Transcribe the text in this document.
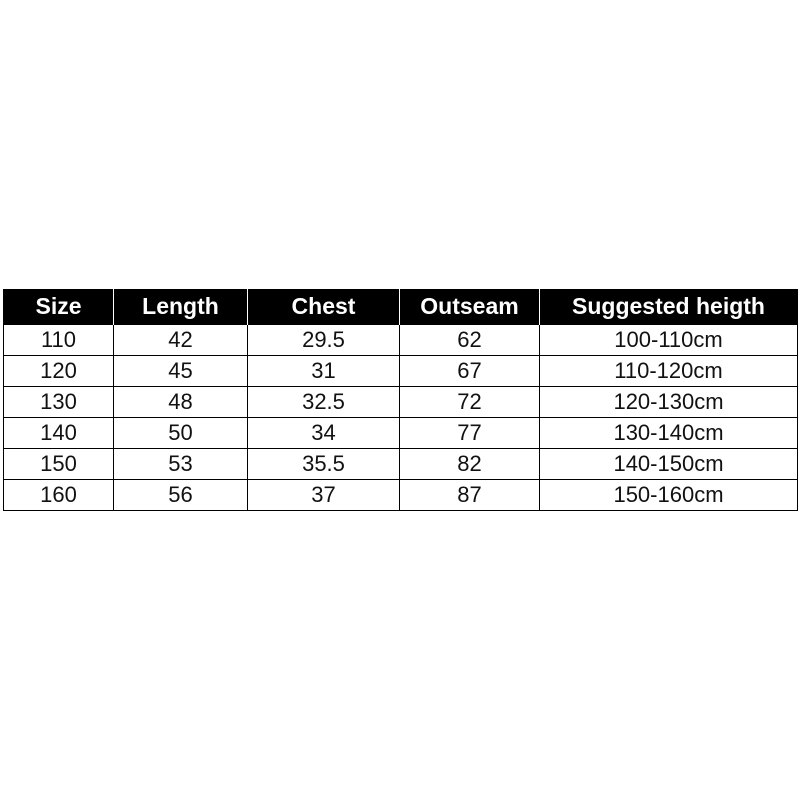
Size	Length	Chest	Outseam	Suggested heigth
110	42	29.5	62	100-110cm
120	45	31	67	110-120cm
130	48	32.5	72	120-130cm
140	50	34	77	130-140cm
150	53	35.5	82	140-150cm
160	56	37	87	150-160cm
